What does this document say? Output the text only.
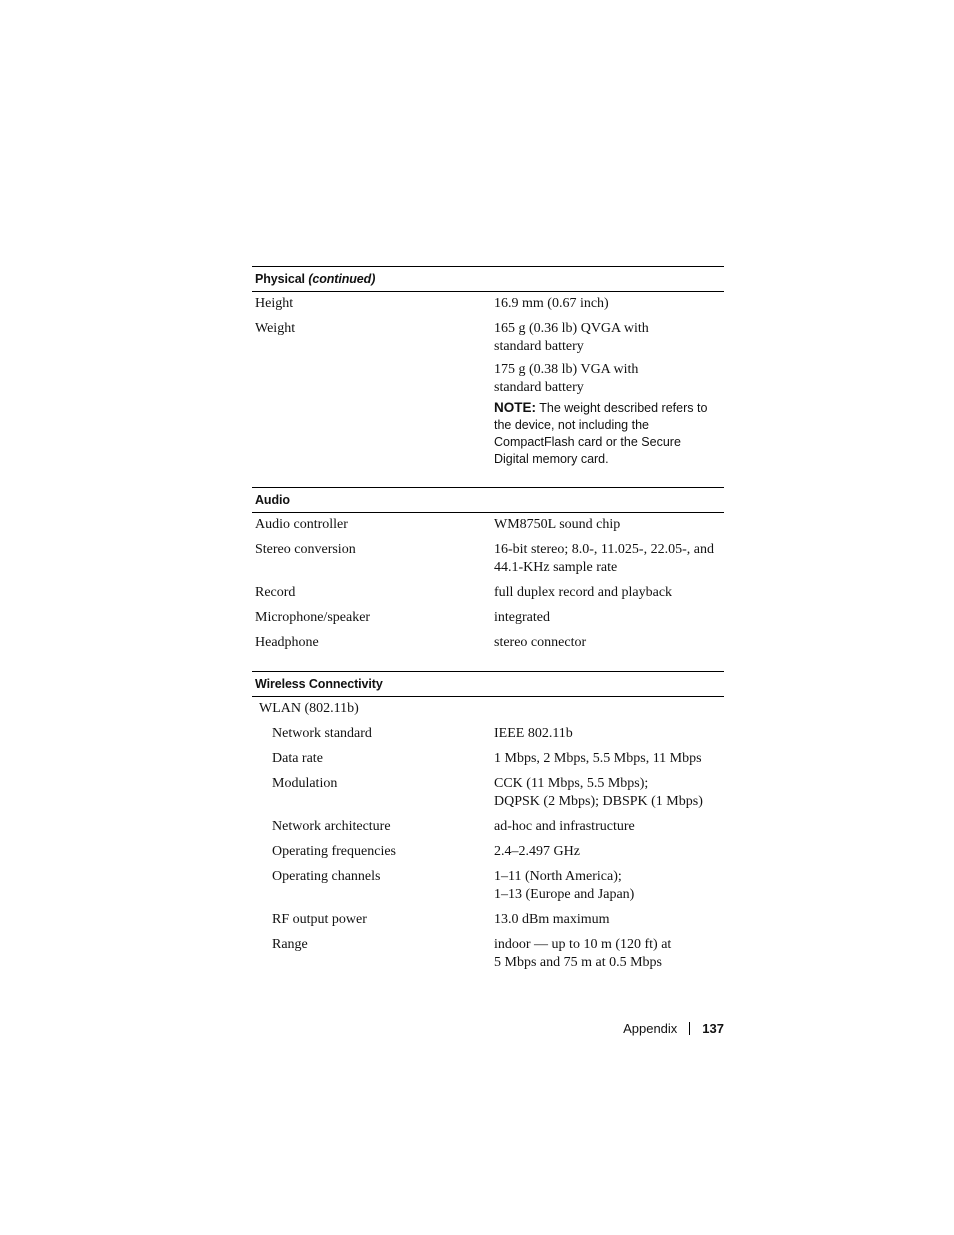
Physical (continued)
Height	16.9 mm (0.67 inch)
Weight	165 g (0.36 lb) QVGA with
standard battery
175 g (0.38 lb) VGA with
standard battery
NOTE: The weight described refers to
the device, not including the
CompactFlash card or the Secure
Digital memory card.
Audio
Audio controller	WM8750L sound chip
Stereo conversion	16-bit stereo; 8.0-, 11.025-, 22.05-, and
44.1-KHz sample rate
Record	full duplex record and playback
Microphone/speaker	integrated
Headphone	stereo connector
Wireless Connectivity
WLAN (802.11b)
Network standard	IEEE 802.11b
Data rate	1 Mbps, 2 Mbps, 5.5 Mbps, 11 Mbps
Modulation	CCK (11 Mbps, 5.5 Mbps);
DQPSK (2 Mbps); DBSPK (1 Mbps)
Network architecture	ad-hoc and infrastructure
Operating frequencies	2.4–2.497 GHz
Operating channels	1–11 (North America);
1–13 (Europe and Japan)
RF output power	13.0 dBm maximum
Range	indoor — up to 10 m (120 ft) at
5 Mbps and 75 m at 0.5 Mbps
Appendix 137
